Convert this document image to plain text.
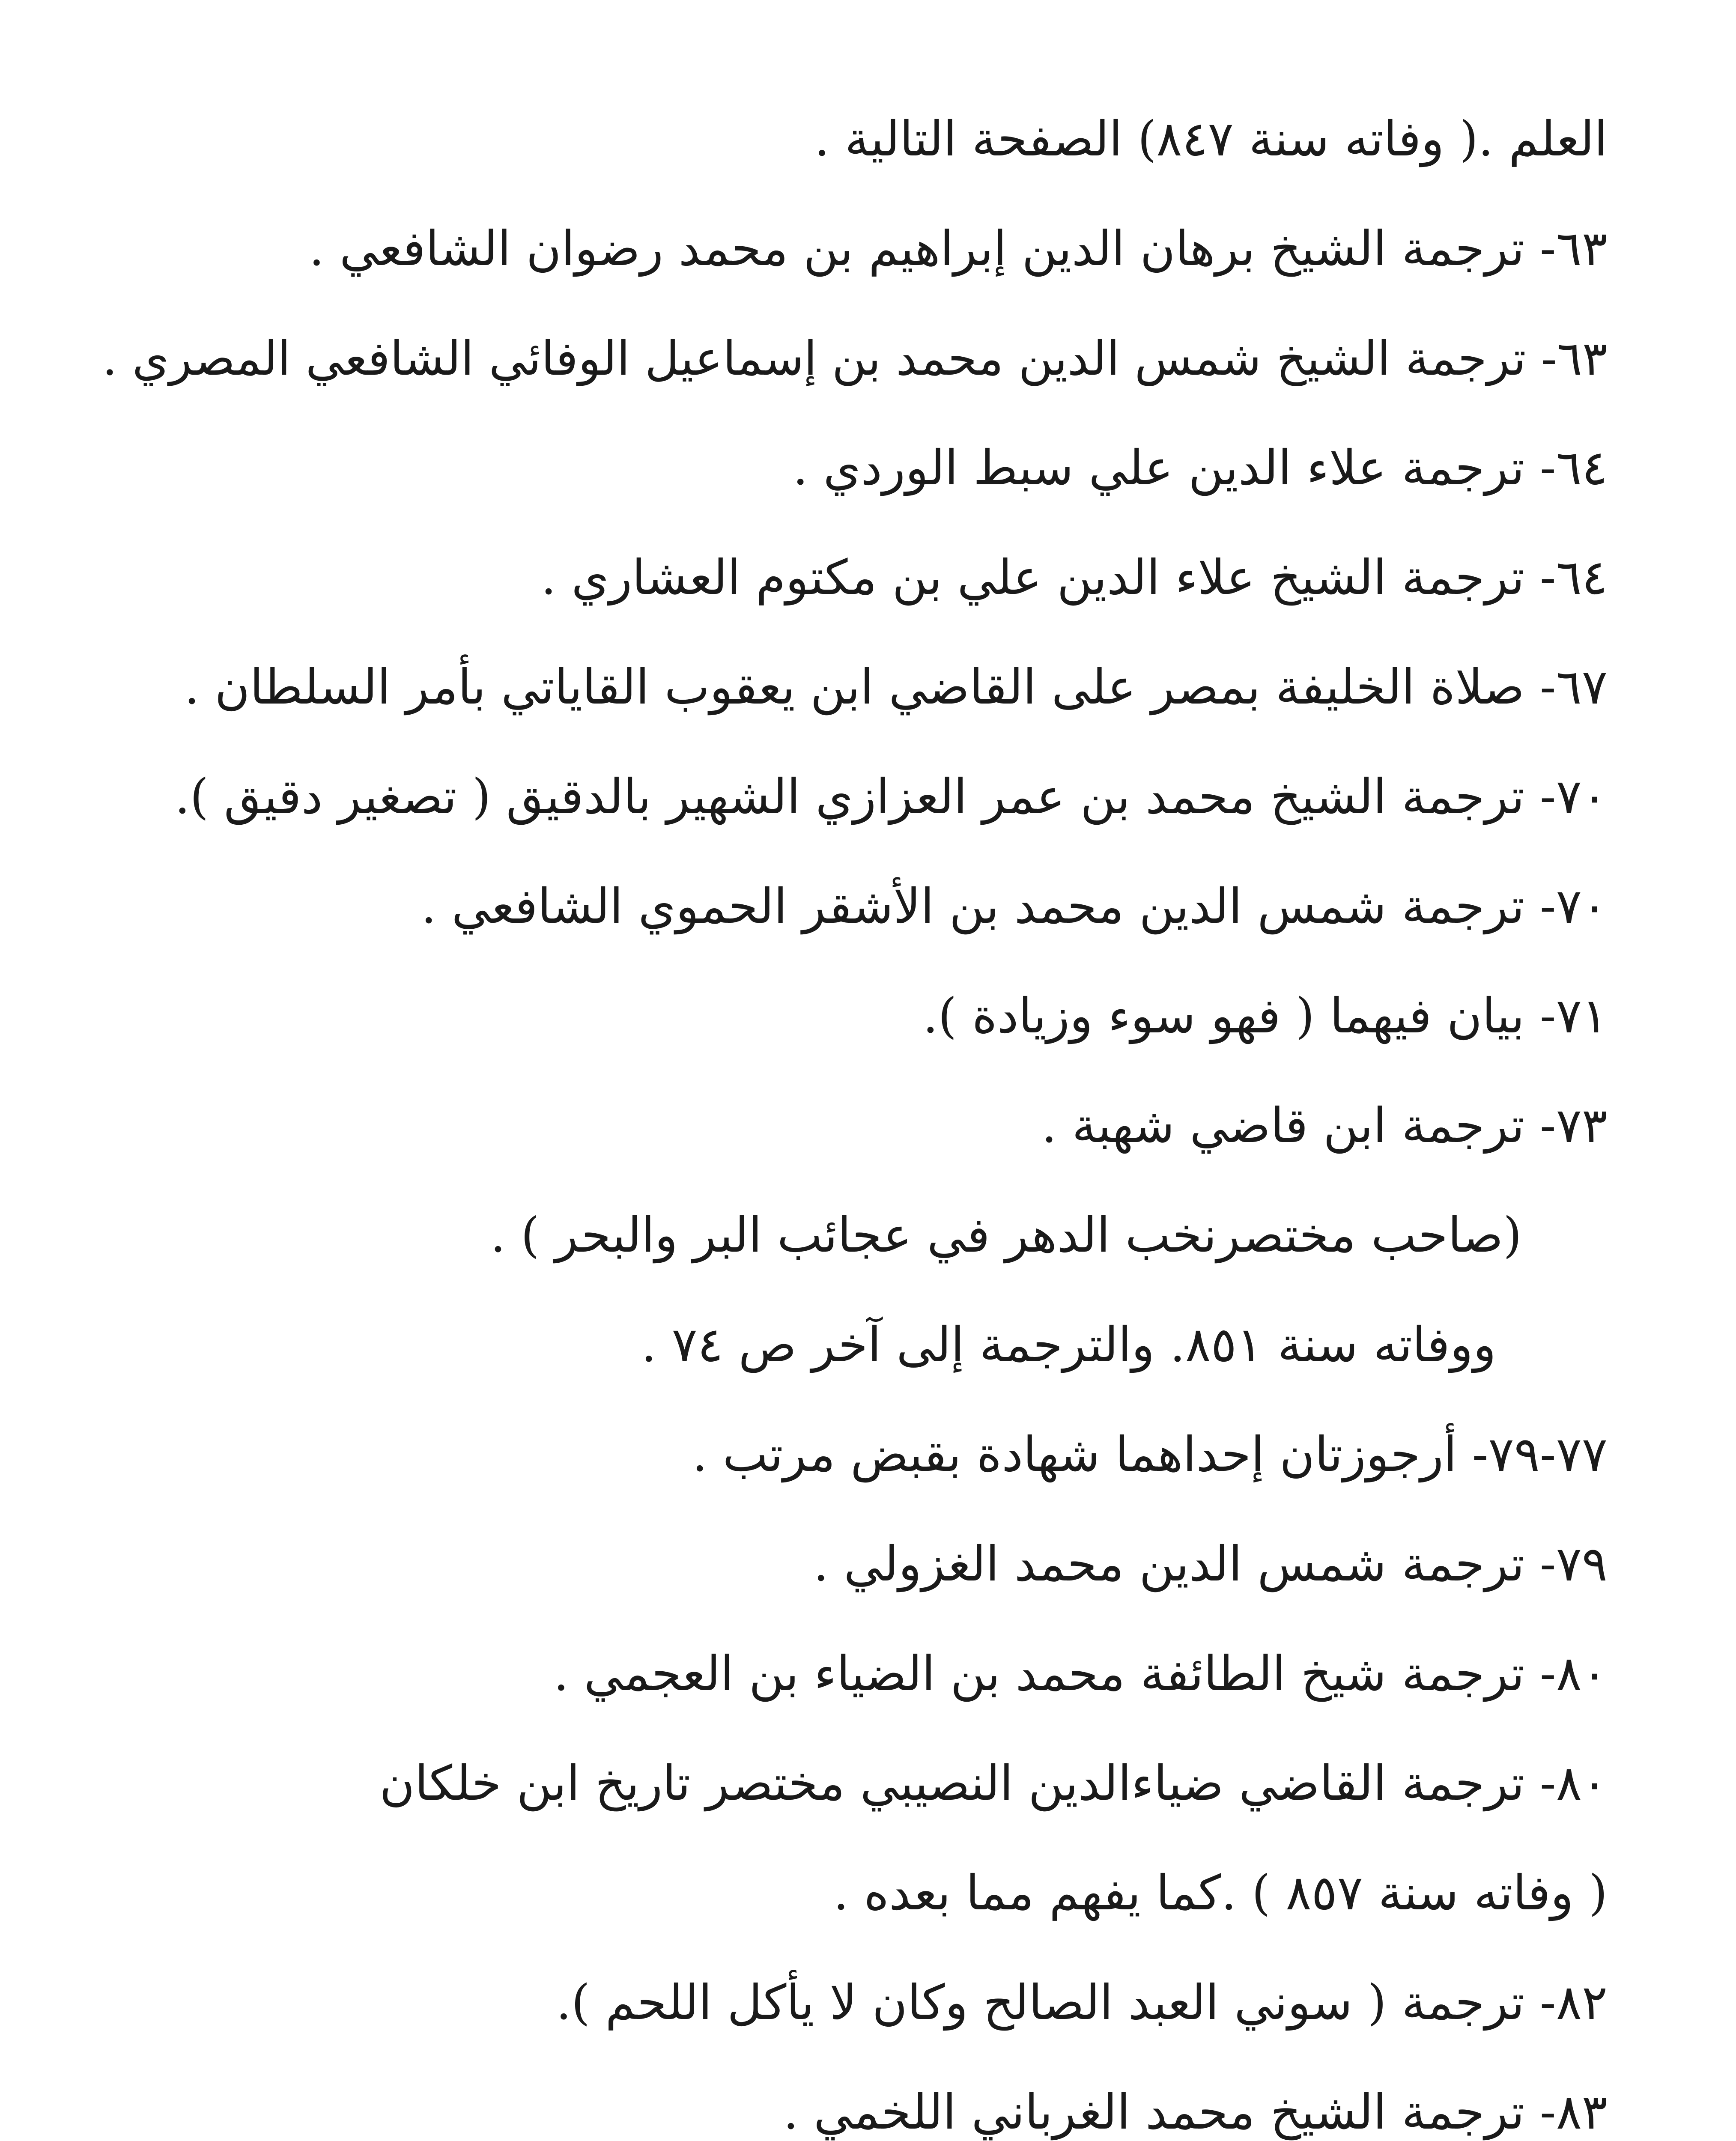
العلم .( وفاته سنة ٨٤٧) الصفحة التالية .
٦٣- ترجمة الشيخ برهان الدين إبراهيم بن محمد رضوان الشافعي .
٦٣- ترجمة الشيخ شمس الدين محمد بن إسماعيل الوفائي الشافعي المصري .
٦٤- ترجمة علاء الدين علي سبط الوردي .
٦٤- ترجمة الشيخ علاء الدين علي بن مكتوم العشاري .
٦٧- صلاة الخليفة بمصر على القاضي ابن يعقوب القاياتي بأمر السلطان .
٧٠- ترجمة الشيخ محمد بن عمر العزازي الشهير بالدقيق ( تصغير دقيق ).
٧٠- ترجمة شمس الدين محمد بن الأشقر الحموي الشافعي .
٧١- بيان فيهما ( فهو سوء وزيادة ).
٧٣- ترجمة ابن قاضي شهبة .
(صاحب مختصرنخب الدهر في عجائب البر والبحر ) .
ووفاته سنة ٨٥١. والترجمة إلى آخر ص ٧٤ .
٧٧-٧٩- أرجوزتان إحداهما شهادة بقبض مرتب .
٧٩- ترجمة شمس الدين محمد الغزولي .
٨٠- ترجمة شيخ الطائفة محمد بن الضياء بن العجمي .
٨٠- ترجمة القاضي ضياءالدين النصيبي مختصر تاريخ ابن خلكان
( وفاته سنة ٨٥٧ ) .كما يفهم مما بعده .
٨٢- ترجمة ( سوني العبد الصالح وكان لا يأكل اللحم ).
٨٣- ترجمة الشيخ محمد الغرباني اللخمي .
